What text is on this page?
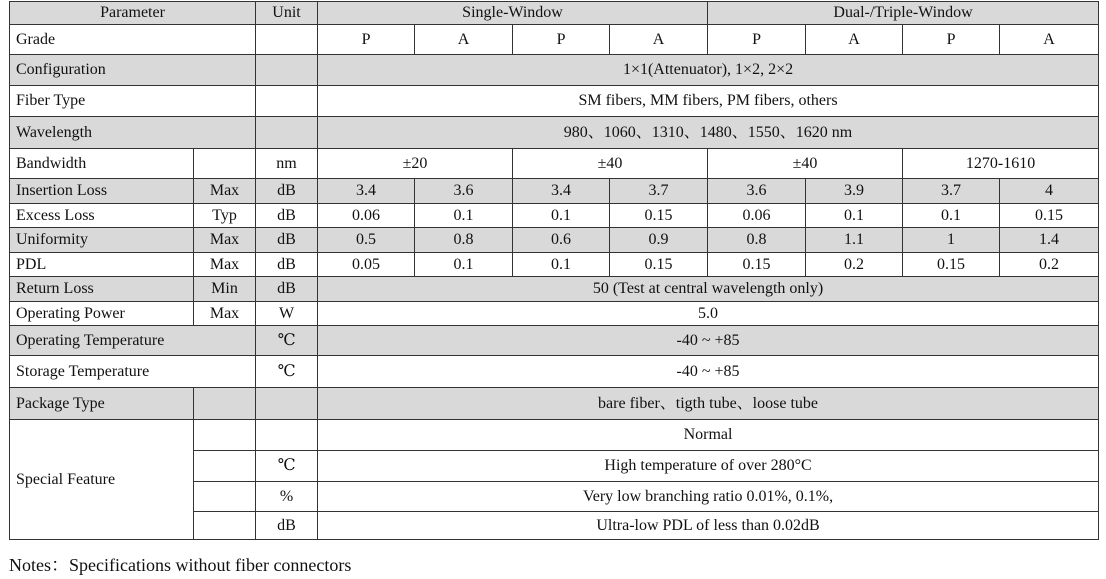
Parameter		Unit	Single-Window				Dual-/Triple-Window			
Grade			P	A	P	A	P	A	P	A
Configuration			1×1(Attenuator), 1×2, 2×2							
Fiber Type			SM fibers, MM fibers, PM fibers, others							
Wavelength			980、1060、1310、1480、1550、1620 nm							
Bandwidth		nm	±20		±40		±40		1270-1610	
Insertion Loss	Max	dB	3.4	3.6	3.4	3.7	3.6	3.9	3.7	4
Excess Loss	Typ	dB	0.06	0.1	0.1	0.15	0.06	0.1	0.1	0.15
Uniformity	Max	dB	0.5	0.8	0.6	0.9	0.8	1.1	1	1.4
PDL	Max	dB	0.05	0.1	0.1	0.15	0.15	0.2	0.15	0.2
Return Loss	Min	dB	50 (Test at central wavelength only)							
Operating Power	Max	W	5.0							
Operating Temperature		℃	-40 ~ +85							
Storage Temperature		℃	-40 ~ +85							
Package Type			bare fiber、tigth tube、loose tube							
Special Feature			Normal							
		℃	High temperature of over 280°C							
		%	Very low branching ratio 0.01%, 0.1%,							
		dB	Ultra-low PDL of less than 0.02dB							
Notes：Specifications without fiber connectors
